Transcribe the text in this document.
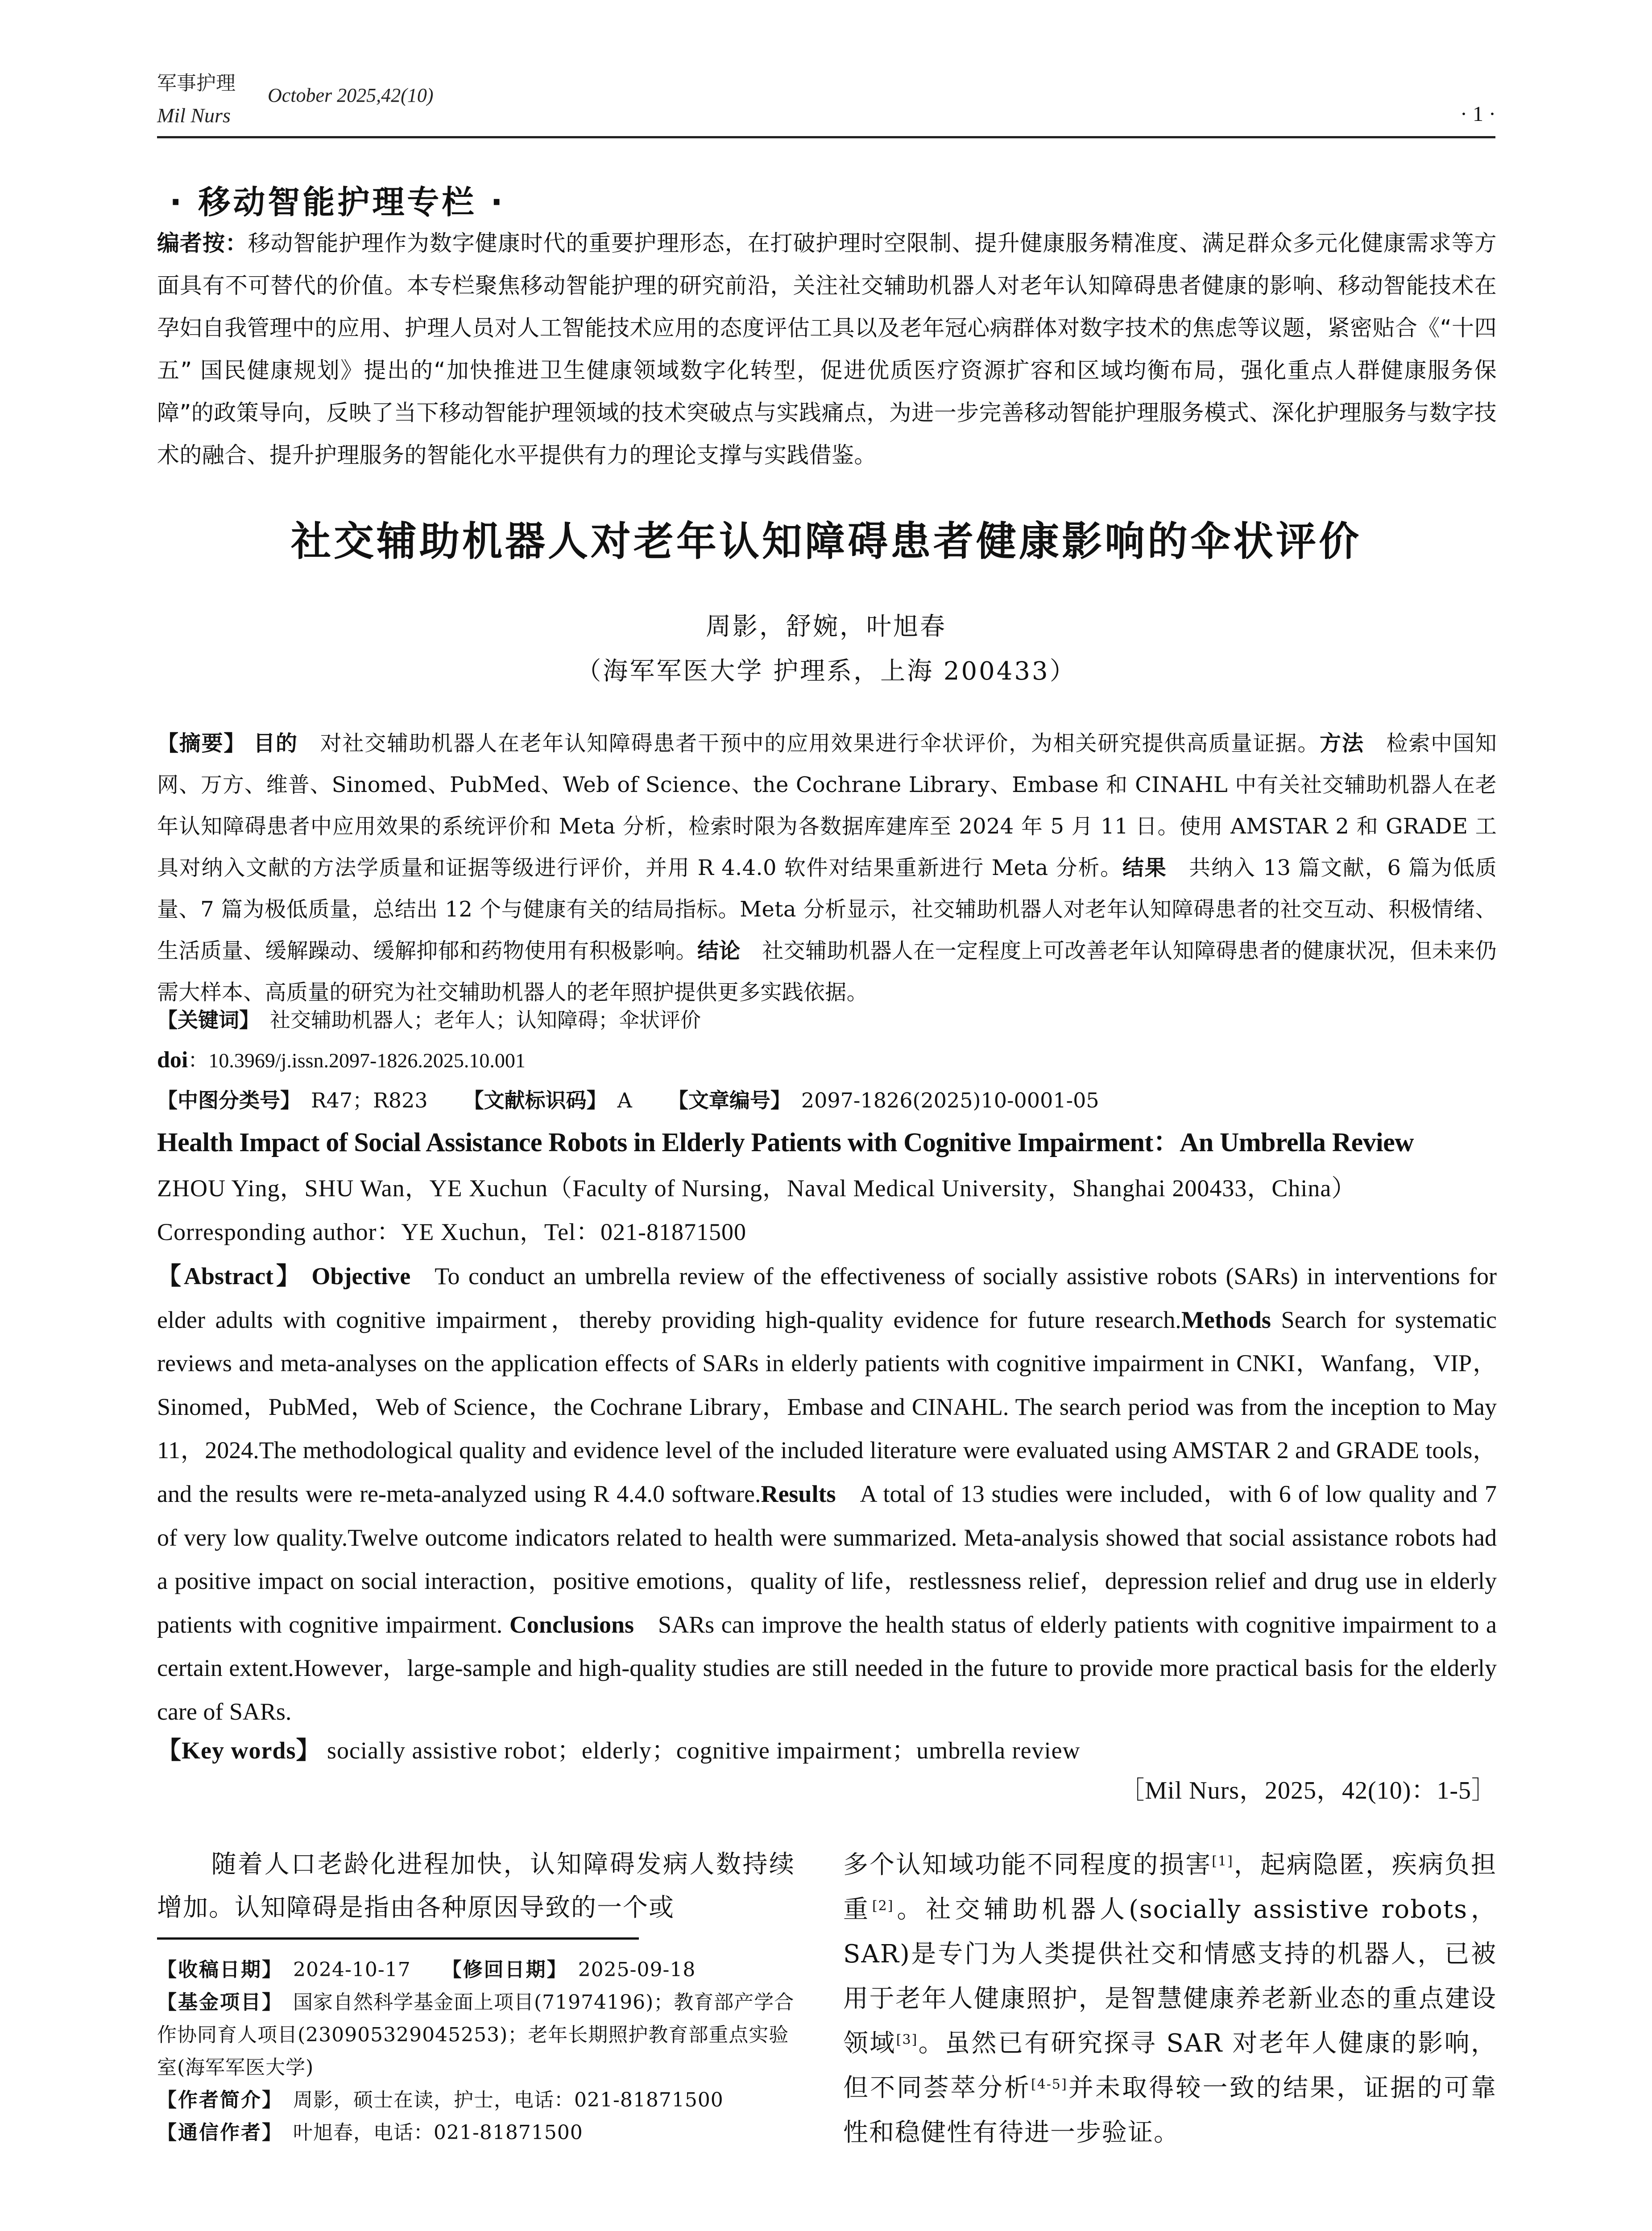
军事护理
Mil Nurs
October 2025,42(10)
· 1 ·
· 移动智能护理专栏 ·
编者按：移动智能护理作为数字健康时代的重要护理形态，在打破护理时空限制、提升健康服务精准度、满足群众多元化健康需求等方面具有不可替代的价值。本专栏聚焦移动智能护理的研究前沿，关注社交辅助机器人对老年认知障碍患者健康的影响、移动智能技术在孕妇自我管理中的应用、护理人员对人工智能技术应用的态度评估工具以及老年冠心病群体对数字技术的焦虑等议题，紧密贴合《“十四五” 国民健康规划》提出的“加快推进卫生健康领域数字化转型，促进优质医疗资源扩容和区域均衡布局，强化重点人群健康服务保障”的政策导向，反映了当下移动智能护理领域的技术突破点与实践痛点，为进一步完善移动智能护理服务模式、深化护理服务与数字技术的融合、提升护理服务的智能化水平提供有力的理论支撑与实践借鉴。
社交辅助机器人对老年认知障碍患者健康影响的伞状评价
周影，舒婉，叶旭春
（海军军医大学 护理系，上海 200433）
【摘要】 目的  对社交辅助机器人在老年认知障碍患者干预中的应用效果进行伞状评价，为相关研究提供高质量证据。方法  检索中国知网、万方、维普、Sinomed、PubMed、Web of Science、the Cochrane Library、Embase 和 CINAHL 中有关社交辅助机器人在老年认知障碍患者中应用效果的系统评价和 Meta 分析，检索时限为各数据库建库至 2024 年 5 月 11 日。使用 AMSTAR 2 和 GRADE 工具对纳入文献的方法学质量和证据等级进行评价，并用 R 4.4.0 软件对结果重新进行 Meta 分析。结果  共纳入 13 篇文献，6 篇为低质量、7 篇为极低质量，总结出 12 个与健康有关的结局指标。Meta 分析显示，社交辅助机器人对老年认知障碍患者的社交互动、积极情绪、生活质量、缓解躁动、缓解抑郁和药物使用有积极影响。结论  社交辅助机器人在一定程度上可改善老年认知障碍患者的健康状况，但未来仍需大样本、高质量的研究为社交辅助机器人的老年照护提供更多实践依据。
【关键词】  社交辅助机器人；老年人；认知障碍；伞状评价
doi：10.3969/j.issn.2097-1826.2025.10.001
【中图分类号】  R47；R823 【文献标识码】  A 【文章编号】  2097-1826(2025)10-0001-05
Health Impact of Social Assistance Robots in Elderly Patients with Cognitive Impairment：An Umbrella Review
ZHOU Ying，SHU Wan，YE Xuchun（Faculty of Nursing，Naval Medical University，Shanghai 200433，China）
Corresponding author：YE Xuchun，Tel：021-81871500
【Abstract】 Objective  To conduct an umbrella review of the effectiveness of socially assistive robots (SARs) in interventions for elder adults with cognitive impairment，thereby providing high-quality evidence for future research.Methods Search for systematic reviews and meta-analyses on the application effects of SARs in elderly patients with cognitive impairment in CNKI，Wanfang，VIP，Sinomed，PubMed，Web of Science，the Cochrane Library，Embase and CINAHL. The search period was from the inception to May 11，2024.The methodological quality and evidence level of the included literature were evaluated using AMSTAR 2 and GRADE tools，and the results were re-meta-analyzed using R 4.4.0 software.Results  A total of 13 studies were included，with 6 of low quality and 7 of very low quality.Twelve outcome indicators related to health were summarized. Meta-analysis showed that social assistance robots had a positive impact on social interaction，positive emotions，quality of life，restlessness relief，depression relief and drug use in elderly patients with cognitive impairment. Conclusions  SARs can improve the health status of elderly patients with cognitive impairment to a certain extent.However，large-sample and high-quality studies are still needed in the future to provide more practical basis for the elderly care of SARs.
【Key words】 socially assistive robot；elderly；cognitive impairment；umbrella review
［Mil Nurs，2025，42(10)：1-5］
随着人口老龄化进程加快，认知障碍发病人数持续增加。认知障碍是指由各种原因导致的一个或
【收稿日期】  2024-10-17 【修回日期】  2025-09-18
【基金项目】  国家自然科学基金面上项目(71974196)；教育部产学合作协同育人项目(230905329045253)；老年长期照护教育部重点实验室(海军军医大学)
【作者简介】  周影，硕士在读，护士，电话：021-81871500
【通信作者】  叶旭春，电话：021-81871500
多个认知域功能不同程度的损害[1]，起病隐匿，疾病负担重[2]。社交辅助机器人(socially assistive robots，SAR)是专门为人类提供社交和情感支持的机器人，已被用于老年人健康照护，是智慧健康养老新业态的重点建设领域[3]。虽然已有研究探寻 SAR 对老年人健康的影响，但不同荟萃分析[4-5]并未取得较一致的结果，证据的可靠性和稳健性有待进一步验证。
